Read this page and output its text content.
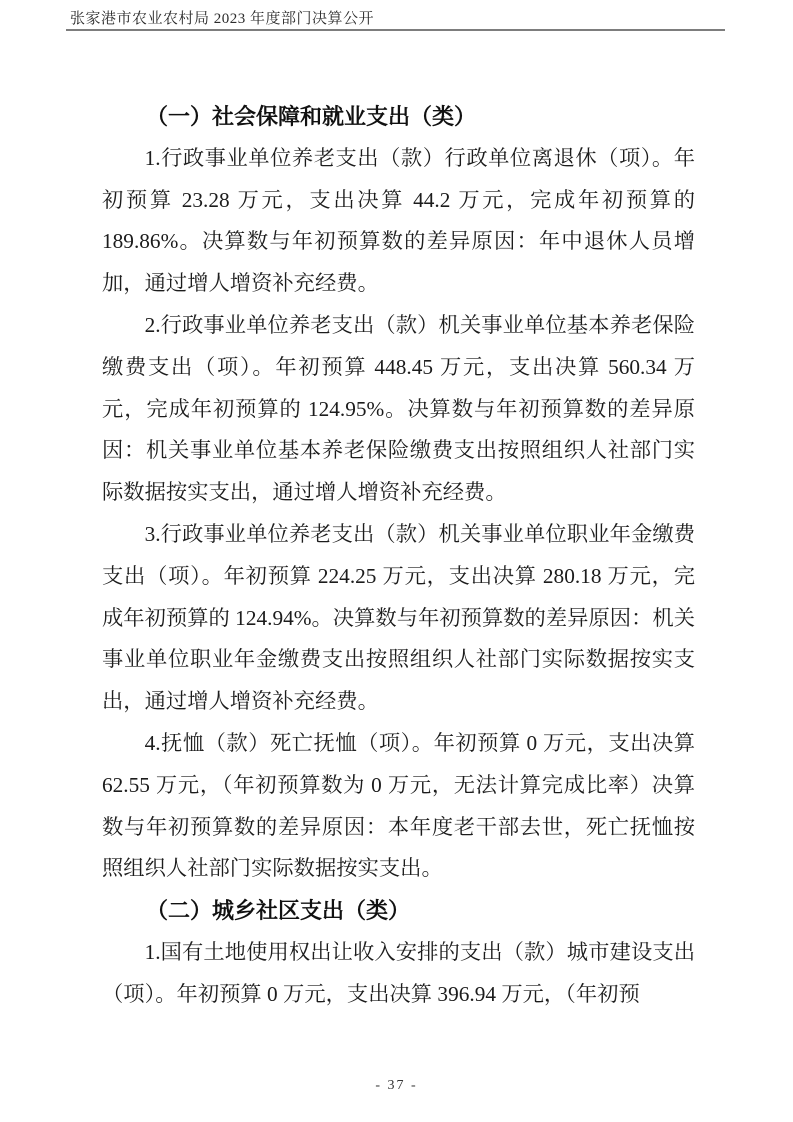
张家港市农业农村局 2023 年度部门决算公开
（一）社会保障和就业支出（类）

1.行政事业单位养老支出（款）行政单位离退休（项）。年初预算 23.28 万元，支出决算 44.2 万元，完成年初预算的 189.86%。决算数与年初预算数的差异原因：年中退休人员增加，通过增人增资补充经费。

2.行政事业单位养老支出（款）机关事业单位基本养老保险缴费支出（项）。年初预算 448.45 万元，支出决算 560.34 万元，完成年初预算的 124.95%。决算数与年初预算数的差异原因：机关事业单位基本养老保险缴费支出按照组织人社部门实际数据按实支出，通过增人增资补充经费。

3.行政事业单位养老支出（款）机关事业单位职业年金缴费支出（项）。年初预算 224.25 万元，支出决算 280.18 万元，完成年初预算的 124.94%。决算数与年初预算数的差异原因：机关事业单位职业年金缴费支出按照组织人社部门实际数据按实支出，通过增人增资补充经费。

4.抚恤（款）死亡抚恤（项）。年初预算 0 万元，支出决算 62.55 万元，（年初预算数为 0 万元，无法计算完成比率）决算数与年初预算数的差异原因：本年度老干部去世，死亡抚恤按照组织人社部门实际数据按实支出。

（二）城乡社区支出（类）

1.国有土地使用权出让收入安排的支出（款）城市建设支出（项）。年初预算 0 万元，支出决算 396.94 万元，（年初预

- 37 -
